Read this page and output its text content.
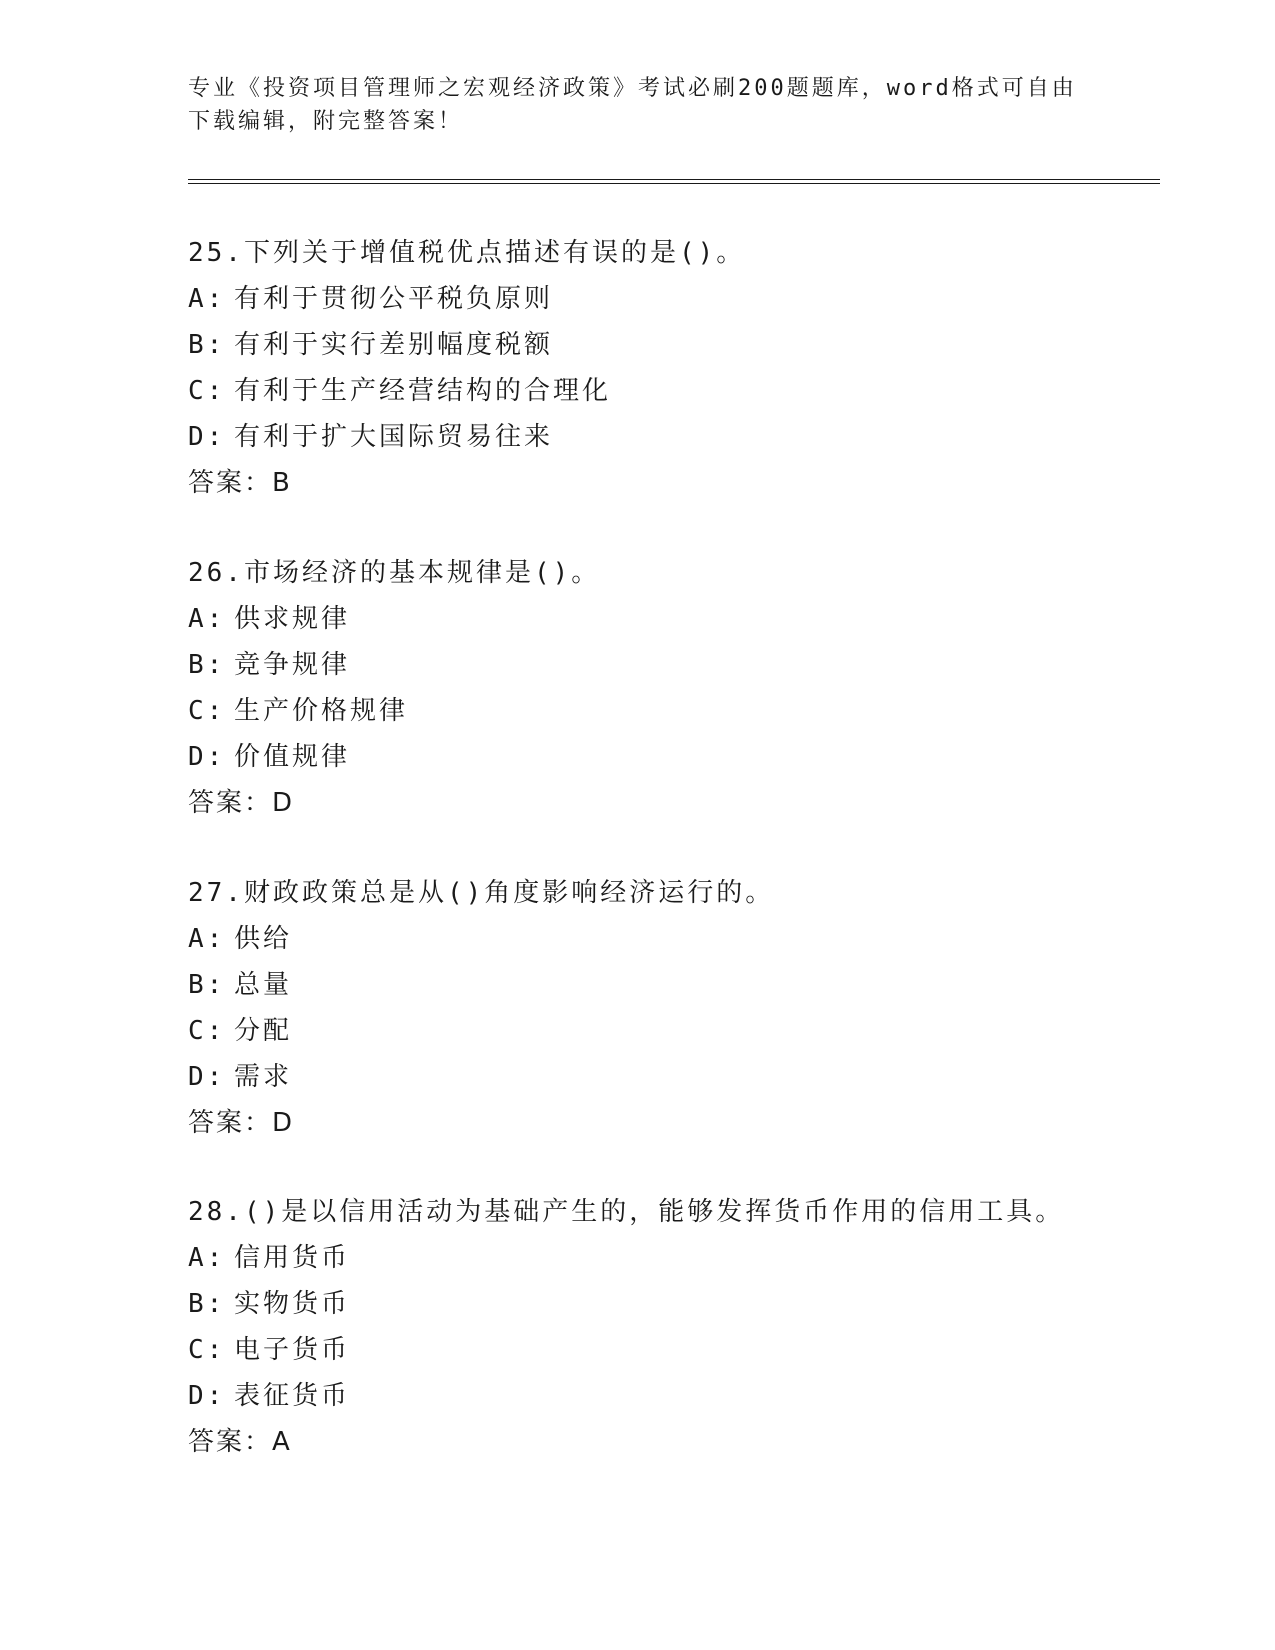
专业《投资项目管理师之宏观经济政策》考试必刷200题题库，word格式可自由
下载编辑，附完整答案！
25.下列关于增值税优点描述有误的是()。
A: 有利于贯彻公平税负原则
B: 有利于实行差别幅度税额
C: 有利于生产经营结构的合理化
D: 有利于扩大国际贸易往来
答案：B
26.市场经济的基本规律是()。
A: 供求规律
B: 竞争规律
C: 生产价格规律
D: 价值规律
答案：D
27.财政政策总是从()角度影响经济运行的。
A: 供给
B: 总量
C: 分配
D: 需求
答案：D
28.()是以信用活动为基础产生的，能够发挥货币作用的信用工具。
A: 信用货币
B: 实物货币
C: 电子货币
D: 表征货币
答案：A
